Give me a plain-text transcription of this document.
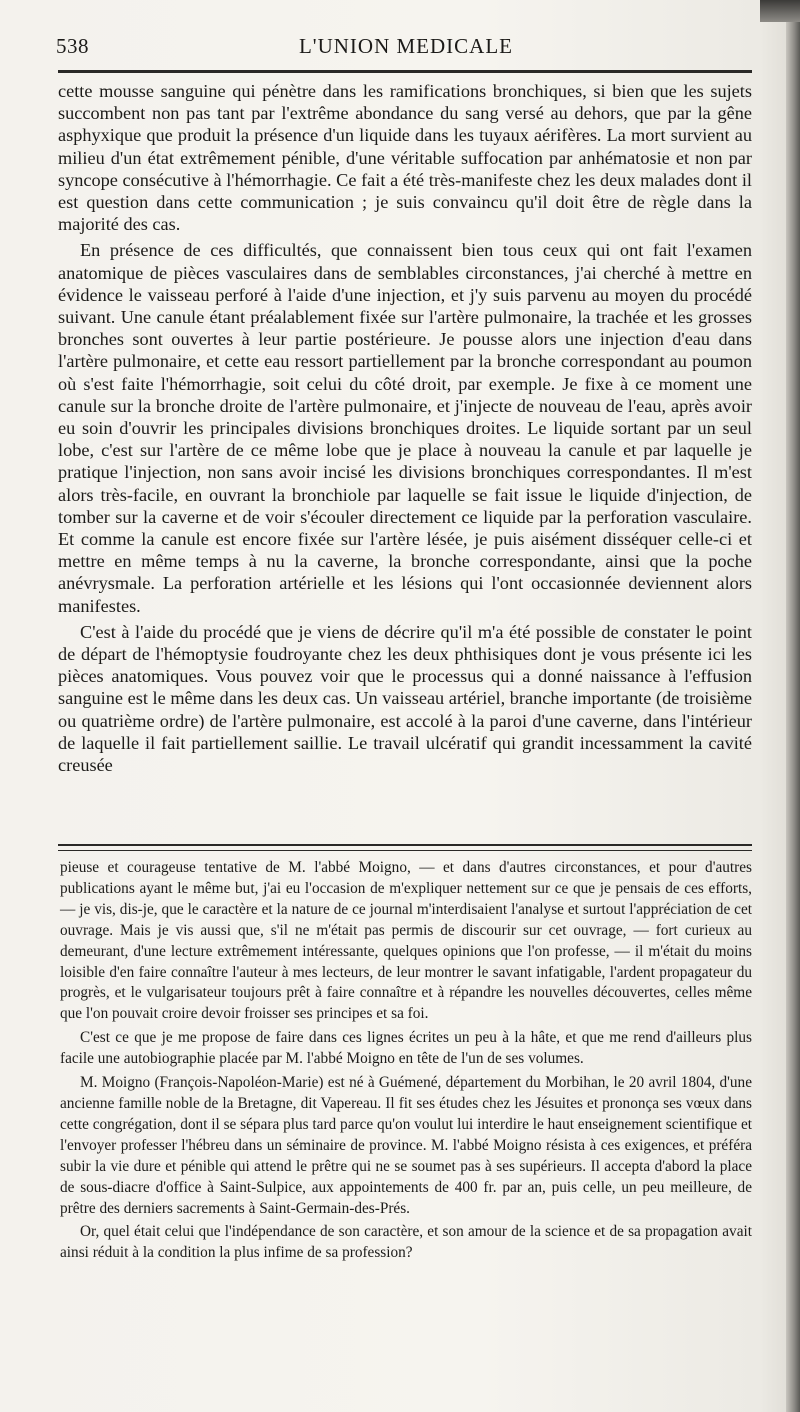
538	L'UNION MEDICALE

cette mousse sanguine qui pénètre dans les ramifications bronchiques, si bien que les sujets succombent non pas tant par l'extrême abondance du sang versé au dehors, que par la gêne asphyxique que produit la présence d'un liquide dans les tuyaux aérifères. La mort survient au milieu d'un état extrêmement pénible, d'une véritable suffocation par anhématosie et non par syncope consécutive à l'hémorrhagie. Ce fait a été très-manifeste chez les deux malades dont il est question dans cette communication ; je suis convaincu qu'il doit être de règle dans la majorité des cas.

En présence de ces difficultés, que connaissent bien tous ceux qui ont fait l'examen anatomique de pièces vasculaires dans de semblables circonstances, j'ai cherché à mettre en évidence le vaisseau perforé à l'aide d'une injection, et j'y suis parvenu au moyen du procédé suivant. Une canule étant préalablement fixée sur l'artère pulmonaire, la trachée et les grosses bronches sont ouvertes à leur partie postérieure. Je pousse alors une injection d'eau dans l'artère pulmonaire, et cette eau ressort partiellement par la bronche correspondant au poumon où s'est faite l'hémorrhagie, soit celui du côté droit, par exemple. Je fixe à ce moment une canule sur la bronche droite de l'artère pulmonaire, et j'injecte de nouveau de l'eau, après avoir eu soin d'ouvrir les principales divisions bronchiques droites. Le liquide sortant par un seul lobe, c'est sur l'artère de ce même lobe que je place à nouveau la canule et par laquelle je pratique l'injection, non sans avoir incisé les divisions bronchiques correspondantes. Il m'est alors très-facile, en ouvrant la bronchiole par laquelle se fait issue le liquide d'injection, de tomber sur la caverne et de voir s'écouler directement ce liquide par la perforation vasculaire. Et comme la canule est encore fixée sur l'artère lésée, je puis aisément disséquer celle-ci et mettre en même temps à nu la caverne, la bronche correspondante, ainsi que la poche anévrysmale. La perforation artérielle et les lésions qui l'ont occasionnée deviennent alors manifestes.

C'est à l'aide du procédé que je viens de décrire qu'il m'a été possible de constater le point de départ de l'hémoptysie foudroyante chez les deux phthisiques dont je vous présente ici les pièces anatomiques. Vous pouvez voir que le processus qui a donné naissance à l'effusion sanguine est le même dans les deux cas. Un vaisseau artériel, branche importante (de troisième ou quatrième ordre) de l'artère pulmonaire, est accolé à la paroi d'une caverne, dans l'intérieur de laquelle il fait partiellement saillie. Le travail ulcératif qui grandit incessamment la cavité creusée

pieuse et courageuse tentative de M. l'abbé Moigno, — et dans d'autres circonstances, et pour d'autres publications ayant le même but, j'ai eu l'occasion de m'expliquer nettement sur ce que je pensais de ces efforts, — je vis, dis-je, que le caractère et la nature de ce journal m'interdisaient l'analyse et surtout l'appréciation de cet ouvrage. Mais je vis aussi que, s'il ne m'était pas permis de discourir sur cet ouvrage, — fort curieux au demeurant, d'une lecture extrêmement intéressante, quelques opinions que l'on professe, — il m'était du moins loisible d'en faire connaître l'auteur à mes lecteurs, de leur montrer le savant infatigable, l'ardent propagateur du progrès, et le vulgarisateur toujours prêt à faire connaître et à répandre les nouvelles découvertes, celles même que l'on pouvait croire devoir froisser ses principes et sa foi.

C'est ce que je me propose de faire dans ces lignes écrites un peu à la hâte, et que me rend d'ailleurs plus facile une autobiographie placée par M. l'abbé Moigno en tête de l'un de ses volumes.

M. Moigno (François-Napoléon-Marie) est né à Guémené, département du Morbihan, le 20 avril 1804, d'une ancienne famille noble de la Bretagne, dit Vapereau. Il fit ses études chez les Jésuites et prononça ses vœux dans cette congrégation, dont il se sépara plus tard parce qu'on voulut lui interdire le haut enseignement scientifique et l'envoyer professer l'hébreu dans un séminaire de province. M. l'abbé Moigno résista à ces exigences, et préféra subir la vie dure et pénible qui attend le prêtre qui ne se soumet pas à ses supérieurs. Il accepta d'abord la place de sous-diacre d'office à Saint-Sulpice, aux appointements de 400 fr. par an, puis celle, un peu meilleure, de prêtre des derniers sacrements à Saint-Germain-des-Prés.

Or, quel était celui que l'indépendance de son caractère, et son amour de la science et de sa propagation avait ainsi réduit à la condition la plus infime de sa profession?
